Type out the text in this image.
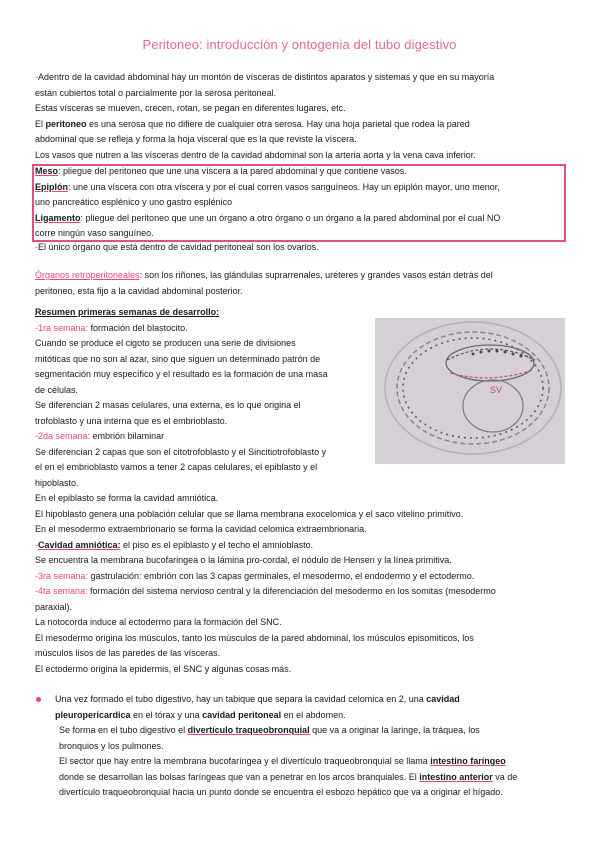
Peritoneo: introducción y ontogenia del tubo digestivo

-Adentro de la cavidad abdominal hay un montón de vísceras de distintos aparatos y sistemas y que en su mayoría

están cubiertos total o parcialmente por la serosa peritoneal.

Estas vísceras se mueven, crecen, rotan, se pegan en diferentes lugares, etc.

El peritoneo es una serosa que no difiere de cualquier otra serosa. Hay una hoja parietal que rodea la pared

abdominal que se refleja y forma la hoja visceral que es la que reviste la víscera.

Los vasos que nutren a las vísceras dentro de la cavidad abdominal son la arteria aorta y la vena cava inferior.

Meso: pliegue del peritoneo que une una víscera a la pared abdominal y que contiene vasos.

Epiplón: une una víscera con otra víscera y por el cual corren vasos sanguíneos. Hay un epiplón mayor, uno menor,

uno pancreático esplénico y uno gastro esplénico

Ligamento: pliegue del peritoneo que une un órgano a otro órgano o un órgano a la pared abdominal por el cual NO

corre ningún vaso sanguíneo.

-El único órgano que está dentro de cavidad peritoneal son los ovarios.

Órganos retroperitoneales: son los riñones, las glándulas suprarrenales, uréteres y grandes vasos están detrás del

peritoneo, esta fijo a la cavidad abdominal posterior.

SV

Resumen primeras semanas de desarrollo:

-1ra semana: formación del blastocito.

Cuando se produce el cigoto se producen una serie de divisiones

mitóticas que no son al azar, sino que siguen un determinado patrón de

segmentación muy específico y el resultado es la formación de una masa

de células.

Se diferencian 2 masas celulares, una externa, es lo que origina el

trofoblasto y una interna que es el embrioblasto.

-2da semana: embrión bilaminar

Se diferencian 2 capas que son el citotrofoblasto y el Sincitiotrofoblasto y

el en el embrioblasto vamos a tener 2 capas celulares, el epiblasto y el

hipoblasto.

En el epiblasto se forma la cavidad amniótica.

El hipoblasto genera una población celular que se llama membrana exocelomica y el saco vitelino primitivo.

En el mesodermo extraembrionario se forma la cavidad celomica extraembrionaria.

-Cavidad amniótica: el piso es el epiblasto y el techo el amnioblasto.

Se encuentra la membrana bucofaringea o la lámina pro-cordal, el nódulo de Hensen y la línea primitiva.

-3ra semana: gastrulación: embrión con las 3 capas germinales, el mesodermo, el endodermo y el ectodermo.

-4ta semana: formación del sistema nervioso central y la diferenciación del mesodermo en los somitas (mesodermo

paraxial).

La notocorda induce al ectodermo para la formación del SNC.

El mesodermo origina los músculos, tanto los músculos de la pared abdominal, los músculos episomiticos, los

músculos lisos de las paredes de las vísceras.

El ectodermo origina la epidermis, el SNC y algunas cosas más.

Una vez formado el tubo digestivo, hay un tabique que separa la cavidad celomica en 2, una cavidad

pleuropericardica en el tórax y una cavidad peritoneal en el abdomen.

Se forma en el tubo digestivo el divertículo traqueobronquial que va a originar la laringe, la tráquea, los

bronquios y los pulmones.

El sector que hay entre la membrana bucofaríngea y el divertículo traqueobronquial se llama intestino faríngeo

donde se desarrollan las bolsas faríngeas que van a penetrar en los arcos branquiales. El intestino anterior va de

divertículo traqueobronquial hacia un punto donde se encuentra el esbozo hepático que va a originar el hígado.
